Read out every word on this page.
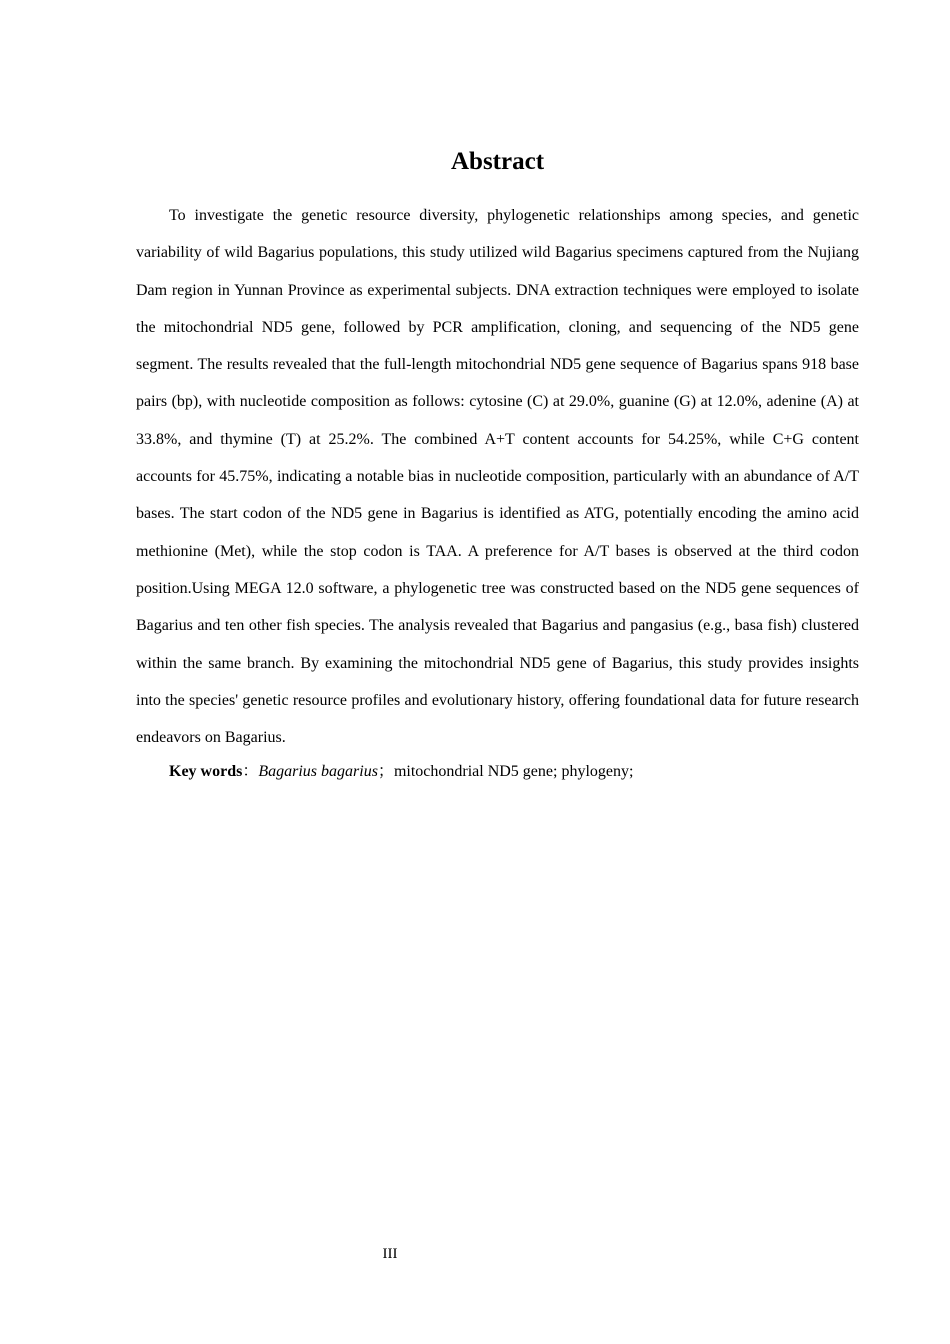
Abstract

To investigate the genetic resource diversity, phylogenetic relationships among species, and genetic variability of wild Bagarius populations, this study utilized wild Bagarius specimens captured from the Nujiang Dam region in Yunnan Province as experimental subjects. DNA extraction techniques were employed to isolate the mitochondrial ND5 gene, followed by PCR amplification, cloning, and sequencing of the ND5 gene segment. The results revealed that the full-length mitochondrial ND5 gene sequence of Bagarius spans 918 base pairs (bp), with nucleotide composition as follows: cytosine (C) at 29.0%, guanine (G) at 12.0%, adenine (A) at 33.8%, and thymine (T) at 25.2%. The combined A+T content accounts for 54.25%, while C+G content accounts for 45.75%, indicating a notable bias in nucleotide composition, particularly with an abundance of A/T bases. The start codon of the ND5 gene in Bagarius is identified as ATG, potentially encoding the amino acid methionine (Met), while the stop codon is TAA. A preference for A/T bases is observed at the third codon position.Using MEGA 12.0 software, a phylogenetic tree was constructed based on the ND5 gene sequences of Bagarius and ten other fish species. The analysis revealed that Bagarius and pangasius (e.g., basa fish) clustered within the same branch. By examining the mitochondrial ND5 gene of Bagarius, this study provides insights into the species' genetic resource profiles and evolutionary history, offering foundational data for future research endeavors on Bagarius.

Key words：Bagarius bagarius；mitochondrial ND5 gene; phylogeny;

III
